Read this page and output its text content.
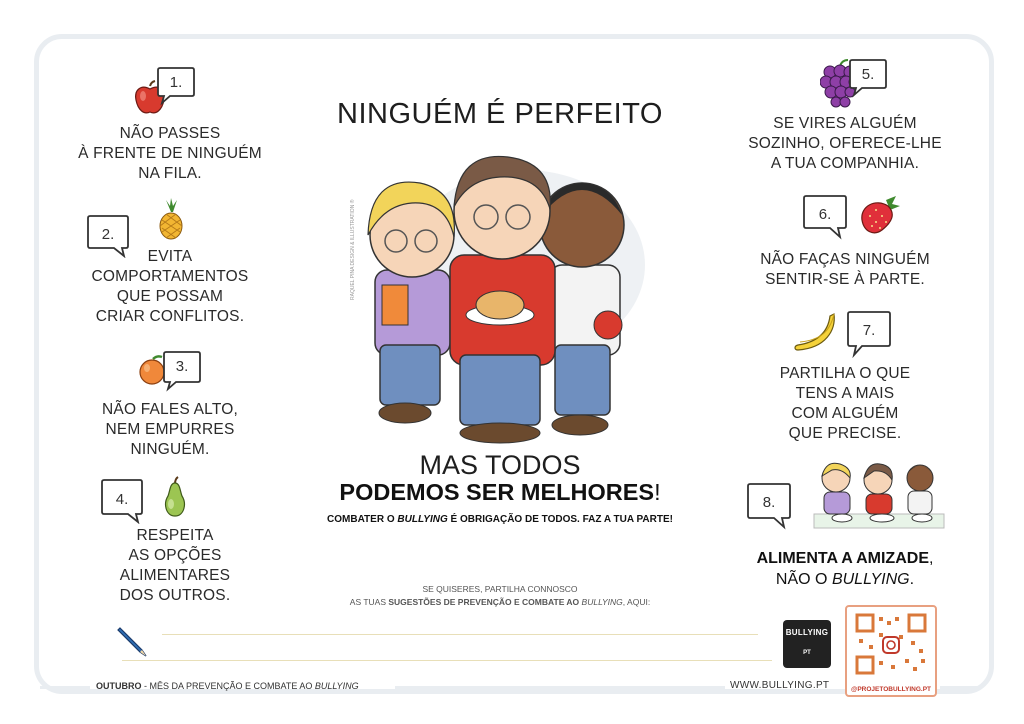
1.
NÃO PASSES
À FRENTE DE NINGUÉM
NA FILA.
2.
EVITA
COMPORTAMENTOS
QUE POSSAM
CRIAR CONFLITOS.
3.
NÃO FALES ALTO,
NEM EMPURRES
NINGUÉM.
4.
RESPEITA
AS OPÇÕES
ALIMENTARES
DOS OUTROS.
NINGUÉM É PERFEITO
RAQUEL PINA DESIGN & ILLUSTRATION ®
MAS TODOS
PODEMOS SER MELHORES!
COMBATER O BULLYING É OBRIGAÇÃO DE TODOS. FAZ A TUA PARTE!
SE QUISERES, PARTILHA CONNOSCO
AS TUAS SUGESTÕES DE PREVENÇÃO E COMBATE AO BULLYING, AQUI:
5.
SE VIRES ALGUÉM
SOZINHO, OFERECE-LHE
A TUA COMPANHIA.
6.
NÃO FAÇAS NINGUÉM
SENTIR-SE À PARTE.
7.
PARTILHA O QUE
TENS A MAIS
COM ALGUÉM
QUE PRECISE.
8.
ALIMENTA A AMIZADE,
NÃO O BULLYING.
BULLYING
PT
@PROJETOBULLYING.PT
OUTUBRO - MÊS DA PREVENÇÃO E COMBATE AO BULLYING	WWW.BULLYING.PT
